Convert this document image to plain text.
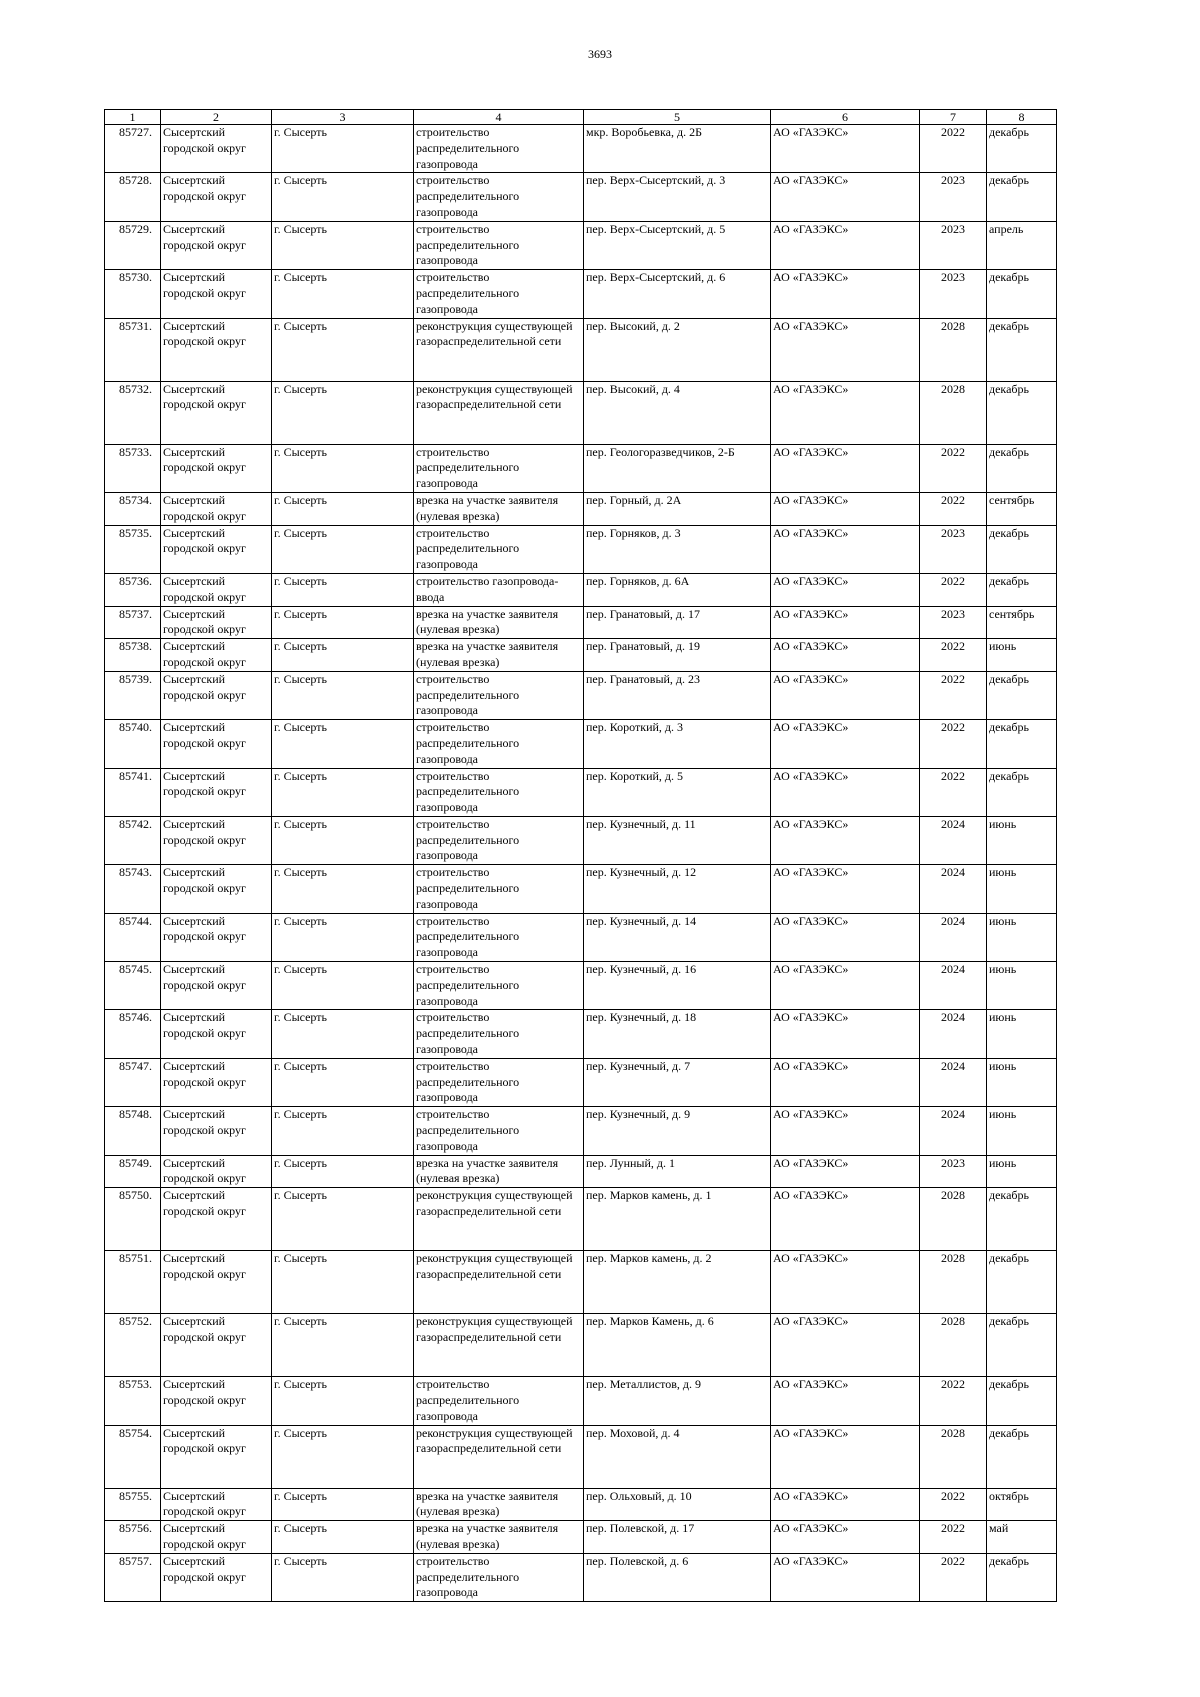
3693
1	2	3	4	5	6	7	8
85727.	Сысертский
городской округ	г. Сысерть	строительство
распределительного
газопровода	мкр. Воробьевка, д. 2Б	АО «ГАЗЭКС»	2022	декабрь
85728.	Сысертский
городской округ	г. Сысерть	строительство
распределительного
газопровода	пер. Верх-Сысертский, д. 3	АО «ГАЗЭКС»	2023	декабрь
85729.	Сысертский
городской округ	г. Сысерть	строительство
распределительного
газопровода	пер. Верх-Сысертский, д. 5	АО «ГАЗЭКС»	2023	апрель
85730.	Сысертский
городской округ	г. Сысерть	строительство
распределительного
газопровода	пер. Верх-Сысертский, д. 6	АО «ГАЗЭКС»	2023	декабрь
85731.	Сысертский
городской округ	г. Сысерть	реконструкция существующей
газораспределительной сети	пер. Высокий, д. 2	АО «ГАЗЭКС»	2028	декабрь
85732.	Сысертский
городской округ	г. Сысерть	реконструкция существующей
газораспределительной сети	пер. Высокий, д. 4	АО «ГАЗЭКС»	2028	декабрь
85733.	Сысертский
городской округ	г. Сысерть	строительство
распределительного
газопровода	пер. Геологоразведчиков, 2-Б	АО «ГАЗЭКС»	2022	декабрь
85734.	Сысертский
городской округ	г. Сысерть	врезка на участке заявителя
(нулевая врезка)	пер. Горный, д. 2А	АО «ГАЗЭКС»	2022	сентябрь
85735.	Сысертский
городской округ	г. Сысерть	строительство
распределительного
газопровода	пер. Горняков, д. 3	АО «ГАЗЭКС»	2023	декабрь
85736.	Сысертский
городской округ	г. Сысерть	строительство газопровода-
ввода	пер. Горняков, д. 6А	АО «ГАЗЭКС»	2022	декабрь
85737.	Сысертский
городской округ	г. Сысерть	врезка на участке заявителя
(нулевая врезка)	пер. Гранатовый, д. 17	АО «ГАЗЭКС»	2023	сентябрь
85738.	Сысертский
городской округ	г. Сысерть	врезка на участке заявителя
(нулевая врезка)	пер. Гранатовый, д. 19	АО «ГАЗЭКС»	2022	июнь
85739.	Сысертский
городской округ	г. Сысерть	строительство
распределительного
газопровода	пер. Гранатовый, д. 23	АО «ГАЗЭКС»	2022	декабрь
85740.	Сысертский
городской округ	г. Сысерть	строительство
распределительного
газопровода	пер. Короткий, д. 3	АО «ГАЗЭКС»	2022	декабрь
85741.	Сысертский
городской округ	г. Сысерть	строительство
распределительного
газопровода	пер. Короткий, д. 5	АО «ГАЗЭКС»	2022	декабрь
85742.	Сысертский
городской округ	г. Сысерть	строительство
распределительного
газопровода	пер. Кузнечный, д. 11	АО «ГАЗЭКС»	2024	июнь
85743.	Сысертский
городской округ	г. Сысерть	строительство
распределительного
газопровода	пер. Кузнечный, д. 12	АО «ГАЗЭКС»	2024	июнь
85744.	Сысертский
городской округ	г. Сысерть	строительство
распределительного
газопровода	пер. Кузнечный, д. 14	АО «ГАЗЭКС»	2024	июнь
85745.	Сысертский
городской округ	г. Сысерть	строительство
распределительного
газопровода	пер. Кузнечный, д. 16	АО «ГАЗЭКС»	2024	июнь
85746.	Сысертский
городской округ	г. Сысерть	строительство
распределительного
газопровода	пер. Кузнечный, д. 18	АО «ГАЗЭКС»	2024	июнь
85747.	Сысертский
городской округ	г. Сысерть	строительство
распределительного
газопровода	пер. Кузнечный, д. 7	АО «ГАЗЭКС»	2024	июнь
85748.	Сысертский
городской округ	г. Сысерть	строительство
распределительного
газопровода	пер. Кузнечный, д. 9	АО «ГАЗЭКС»	2024	июнь
85749.	Сысертский
городской округ	г. Сысерть	врезка на участке заявителя
(нулевая врезка)	пер. Лунный, д. 1	АО «ГАЗЭКС»	2023	июнь
85750.	Сысертский
городской округ	г. Сысерть	реконструкция существующей
газораспределительной сети	пер. Марков камень, д. 1	АО «ГАЗЭКС»	2028	декабрь
85751.	Сысертский
городской округ	г. Сысерть	реконструкция существующей
газораспределительной сети	пер. Марков камень, д. 2	АО «ГАЗЭКС»	2028	декабрь
85752.	Сысертский
городской округ	г. Сысерть	реконструкция существующей
газораспределительной сети	пер. Марков Камень, д. 6	АО «ГАЗЭКС»	2028	декабрь
85753.	Сысертский
городской округ	г. Сысерть	строительство
распределительного
газопровода	пер. Металлистов, д. 9	АО «ГАЗЭКС»	2022	декабрь
85754.	Сысертский
городской округ	г. Сысерть	реконструкция существующей
газораспределительной сети	пер. Моховой, д. 4	АО «ГАЗЭКС»	2028	декабрь
85755.	Сысертский
городской округ	г. Сысерть	врезка на участке заявителя
(нулевая врезка)	пер. Ольховый, д. 10	АО «ГАЗЭКС»	2022	октябрь
85756.	Сысертский
городской округ	г. Сысерть	врезка на участке заявителя
(нулевая врезка)	пер. Полевской, д. 17	АО «ГАЗЭКС»	2022	май
85757.	Сысертский
городской округ	г. Сысерть	строительство
распределительного
газопровода	пер. Полевской, д. 6	АО «ГАЗЭКС»	2022	декабрь
